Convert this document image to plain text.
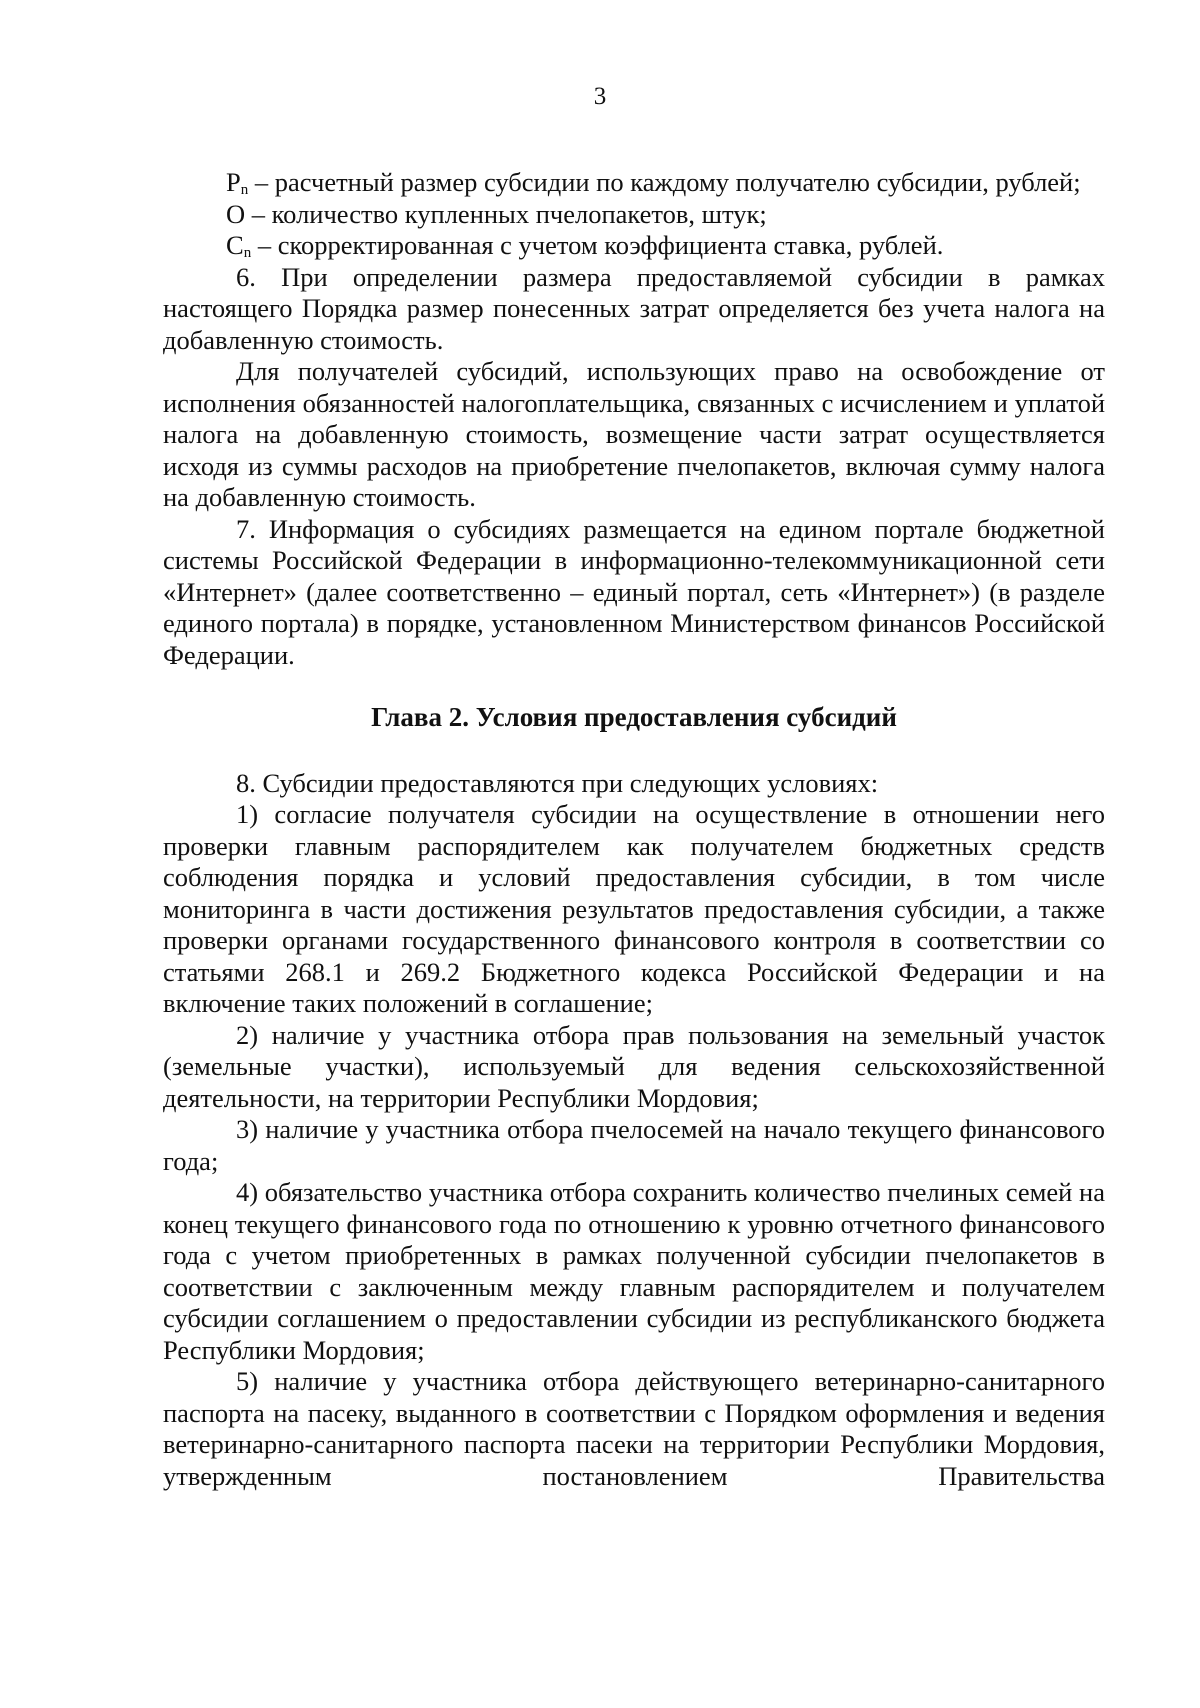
3

$P_n$ – расчетный размер субсидии по каждому получателю субсидии, рублей;

О – количество купленных пчелопакетов, штук;

$С_n$ – скорректированная с учетом коэффициента ставка, рублей.

6. При определении размера предоставляемой субсидии в рамках настоящего Порядка размер понесенных затрат определяется без учета налога на добавленную стоимость.

Для получателей субсидий, использующих право на освобождение от исполнения обязанностей налогоплательщика, связанных с исчислением и уплатой налога на добавленную стоимость, возмещение части затрат осуществляется исходя из суммы расходов на приобретение пчелопакетов, включая сумму налога на добавленную стоимость.

7. Информация о субсидиях размещается на едином портале бюджетной системы Российской Федерации в информационно-телекоммуникационной сети «Интернет» (далее соответственно – единый портал, сеть «Интернет») (в разделе единого портала) в порядке, установленном Министерством финансов Российской Федерации.

Глава 2. Условия предоставления субсидий

8. Субсидии предоставляются при следующих условиях:

1) согласие получателя субсидии на осуществление в отношении него проверки главным распорядителем как получателем бюджетных средств соблюдения порядка и условий предоставления субсидии, в том числе мониторинга в части достижения результатов предоставления субсидии, а также проверки органами государственного финансового контроля в соответствии со статьями 268.1 и 269.2 Бюджетного кодекса Российской Федерации и на включение таких положений в соглашение;

2) наличие у участника отбора прав пользования на земельный участок (земельные участки), используемый для ведения сельскохозяйственной деятельности, на территории Республики Мордовия;

3) наличие у участника отбора пчелосемей на начало текущего финансового года;

4) обязательство участника отбора сохранить количество пчелиных семей на конец текущего финансового года по отношению к уровню отчетного финансового года с учетом приобретенных в рамках полученной субсидии пчелопакетов в соответствии с заключенным между главным распорядителем и получателем субсидии соглашением о предоставлении субсидии из республиканского бюджета Республики Мордовия;

5) наличие у участника отбора действующего ветеринарно-санитарного паспорта на пасеку, выданного в соответствии с Порядком оформления и ведения ветеринарно-санитарного паспорта пасеки на территории Республики Мордовия, утвержденным постановлением Правительства
